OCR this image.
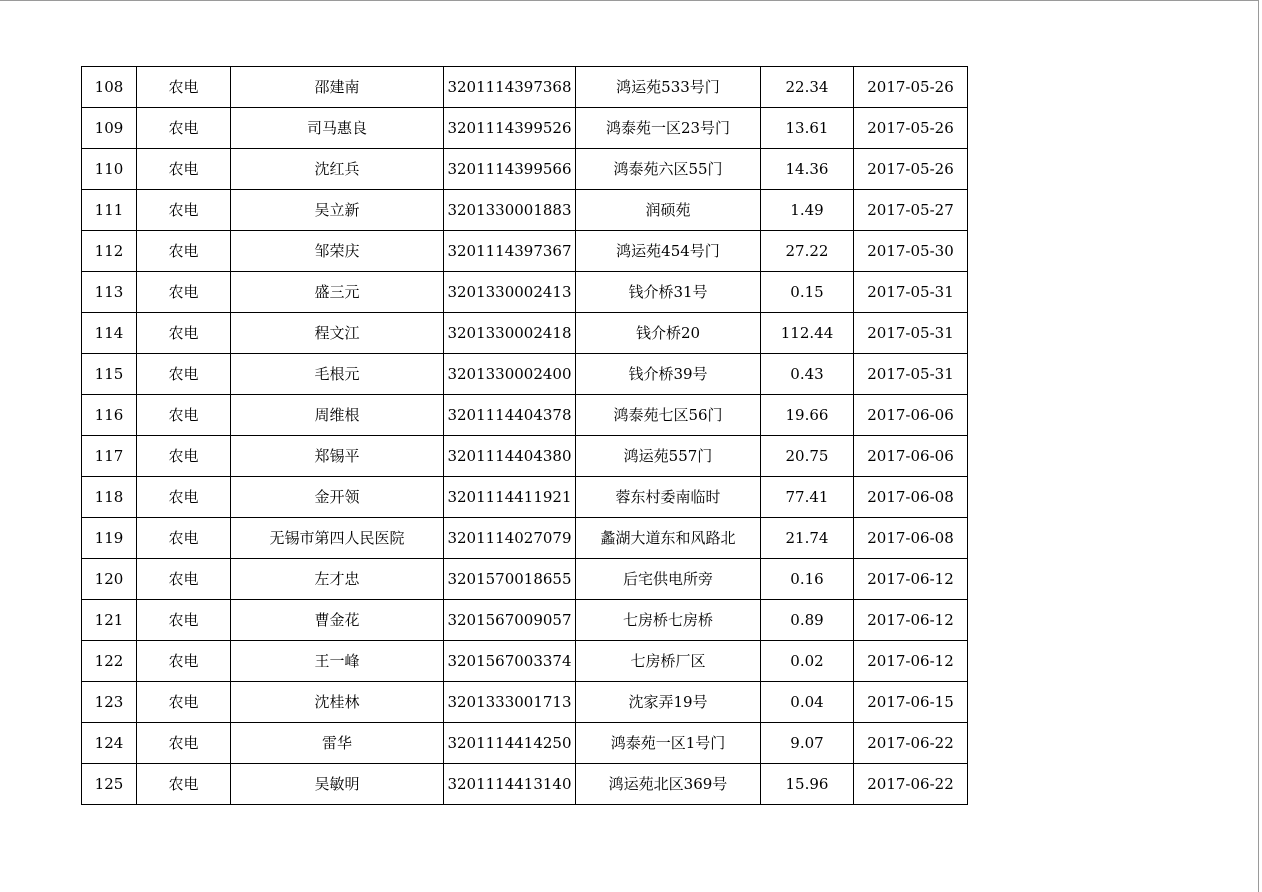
108	农电	邵建南	3201114397368	鸿运苑533号门	22.34	2017-05-26
109	农电	司马惠良	3201114399526	鸿泰苑一区23号门	13.61	2017-05-26
110	农电	沈红兵	3201114399566	鸿泰苑六区55门	14.36	2017-05-26
111	农电	吴立新	3201330001883	润硕苑	1.49	2017-05-27
112	农电	邹荣庆	3201114397367	鸿运苑454号门	27.22	2017-05-30
113	农电	盛三元	3201330002413	钱介桥31号	0.15	2017-05-31
114	农电	程文江	3201330002418	钱介桥20	112.44	2017-05-31
115	农电	毛根元	3201330002400	钱介桥39号	0.43	2017-05-31
116	农电	周维根	3201114404378	鸿泰苑七区56门	19.66	2017-06-06
117	农电	郑锡平	3201114404380	鸿运苑557门	20.75	2017-06-06
118	农电	金开领	3201114411921	蓉东村委南临时	77.41	2017-06-08
119	农电	无锡市第四人民医院	3201114027079	蠡湖大道东和风路北	21.74	2017-06-08
120	农电	左才忠	3201570018655	后宅供电所旁	0.16	2017-06-12
121	农电	曹金花	3201567009057	七房桥七房桥	0.89	2017-06-12
122	农电	王一峰	3201567003374	七房桥厂区	0.02	2017-06-12
123	农电	沈桂林	3201333001713	沈家弄19号	0.04	2017-06-15
124	农电	雷华	3201114414250	鸿泰苑一区1号门	9.07	2017-06-22
125	农电	吴敏明	3201114413140	鸿运苑北区369号	15.96	2017-06-22
